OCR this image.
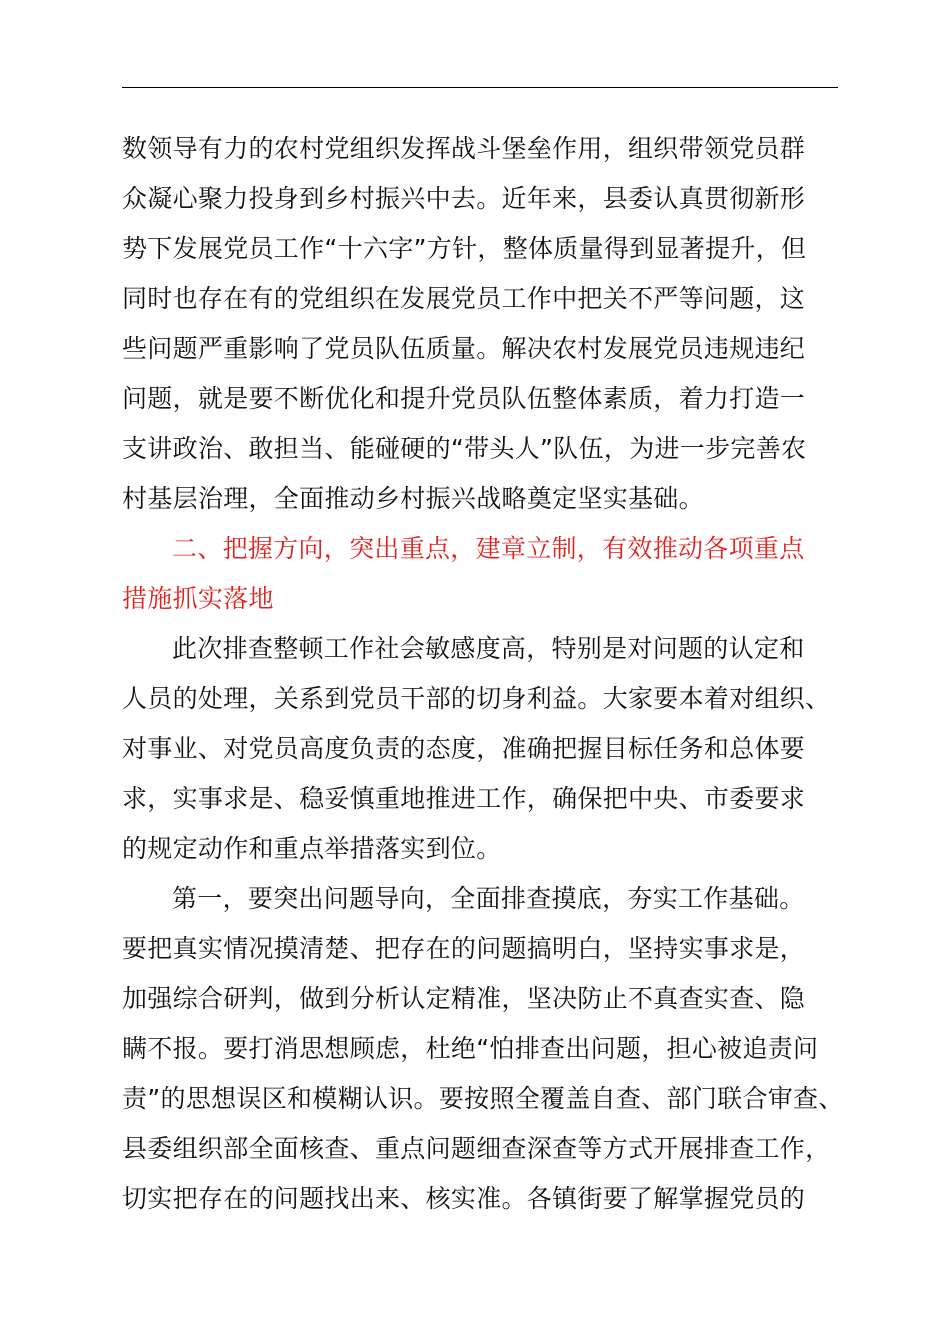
数领导有力的农村党组织发挥战斗堡垒作用，组织带领党员群
众凝心聚力投身到乡村振兴中去。近年来，县委认真贯彻新形
势下发展党员工作“十六字”方针，整体质量得到显著提升，但
同时也存在有的党组织在发展党员工作中把关不严等问题，这
些问题严重影响了党员队伍质量。解决农村发展党员违规违纪
问题，就是要不断优化和提升党员队伍整体素质，着力打造一
支讲政治、敢担当、能碰硬的“带头人”队伍，为进一步完善农
村基层治理，全面推动乡村振兴战略奠定坚实基础。

二、把握方向，突出重点，建章立制，有效推动各项重点
措施抓实落地

此次排查整顿工作社会敏感度高，特别是对问题的认定和
人员的处理，关系到党员干部的切身利益。大家要本着对组织、
对事业、对党员高度负责的态度，准确把握目标任务和总体要
求，实事求是、稳妥慎重地推进工作，确保把中央、市委要求
的规定动作和重点举措落实到位。

第一，要突出问题导向，全面排查摸底，夯实工作基础。
要把真实情况摸清楚、把存在的问题搞明白，坚持实事求是，
加强综合研判，做到分析认定精准，坚决防止不真查实查、隐
瞒不报。要打消思想顾虑，杜绝“怕排查出问题，担心被追责问
责”的思想误区和模糊认识。要按照全覆盖自查、部门联合审查、
县委组织部全面核查、重点问题细查深查等方式开展排查工作，
切实把存在的问题找出来、核实准。各镇街要了解掌握党员的
